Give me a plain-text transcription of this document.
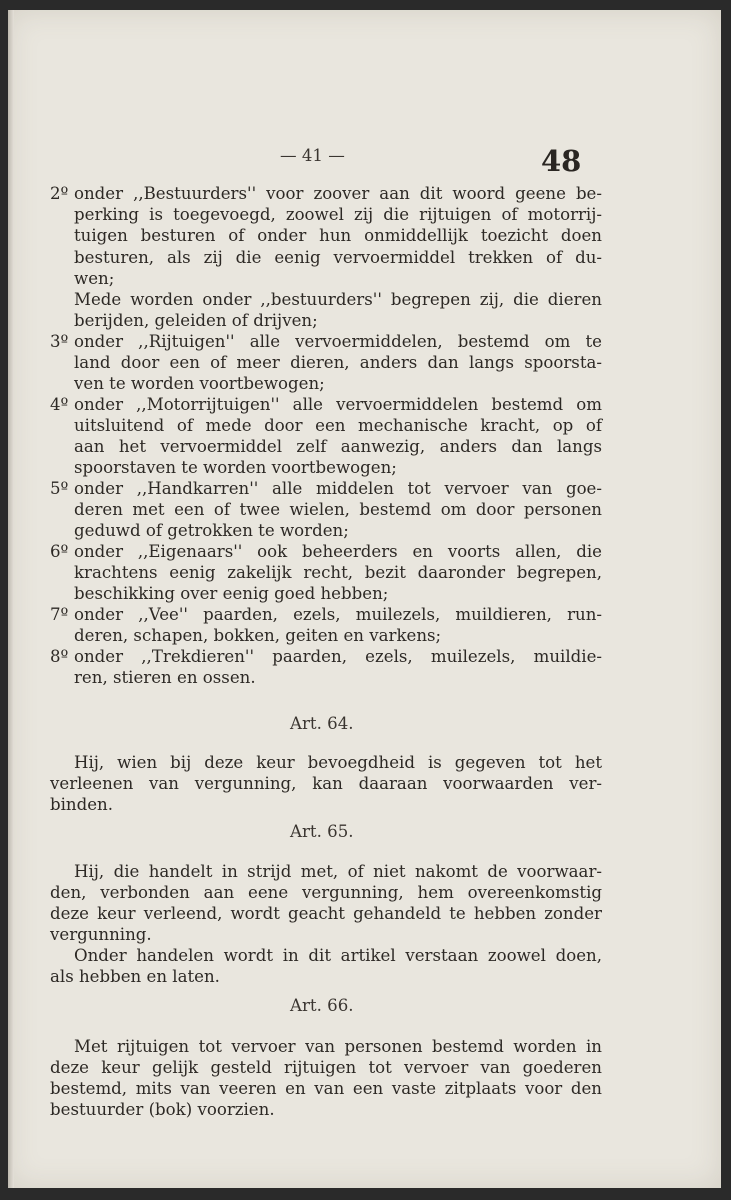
— 41 —	48
2º onder ,,Bestuurders'' voor zoover aan dit woord geene be-
perking is toegevoegd, zoowel zij die rijtuigen of motorrij-
tuigen besturen of onder hun onmiddellijk toezicht doen
besturen, als zij die eenig vervoermiddel trekken of du-
wen;
Mede worden onder ,,bestuurders'' begrepen zij, die dieren
berijden, geleiden of drijven;
3º onder ,,Rijtuigen'' alle vervoermiddelen, bestemd om te
land door een of meer dieren, anders dan langs spoorsta-
ven te worden voortbewogen;
4º onder ,,Motorrijtuigen'' alle vervoermiddelen bestemd om
uitsluitend of mede door een mechanische kracht, op of
aan het vervoermiddel zelf aanwezig, anders dan langs
spoorstaven te worden voortbewogen;
5º onder ,,Handkarren'' alle middelen tot vervoer van goe-
deren met een of twee wielen, bestemd om door personen
geduwd of getrokken te worden;
6º onder ,,Eigenaars'' ook beheerders en voorts allen, die
krachtens eenig zakelijk recht, bezit daaronder begrepen,
beschikking over eenig goed hebben;
7º onder ,,Vee'' paarden, ezels, muilezels, muildieren, run-
deren, schapen, bokken, geiten en varkens;
8º onder ,,Trekdieren'' paarden, ezels, muilezels, muildie-
ren, stieren en ossen.
Art. 64.
Hij, wien bij deze keur bevoegdheid is gegeven tot het
verleenen van vergunning, kan daaraan voorwaarden ver-
binden.
Art. 65.
Hij, die handelt in strijd met, of niet nakomt de voorwaar-
den, verbonden aan eene vergunning, hem overeenkomstig
deze keur verleend, wordt geacht gehandeld te hebben zonder
vergunning.
Onder handelen wordt in dit artikel verstaan zoowel doen,
als hebben en laten.
Art. 66.
Met rijtuigen tot vervoer van personen bestemd worden in
deze keur gelijk gesteld rijtuigen tot vervoer van goederen
bestemd, mits van veeren en van een vaste zitplaats voor den
bestuurder (bok) voorzien.
